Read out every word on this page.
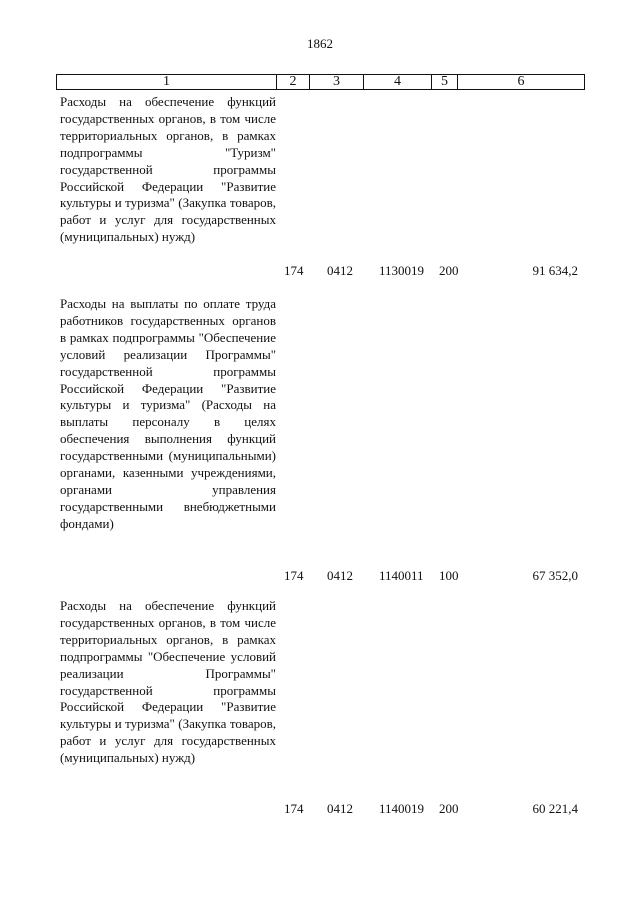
1862
1	2	3	4	5	6
Расходы на обеспечение функций государственных органов, в том числе территориальных органов, в рамках подпрограммы "Туризм" государственной программы Российской Федерации "Развитие культуры и туризма" (Закупка товаров, работ и услуг для государственных (муниципальных) нужд)
174 0412 1130019 200	91 634,2
Расходы на выплаты по оплате труда работников государственных органов в рамках подпрограммы "Обеспечение условий реализации Программы" государственной программы Российской Федерации "Развитие культуры и туризма" (Расходы на выплаты персоналу в целях обеспечения выполнения функций государственными (муниципальными) органами, казенными учреждениями, органами управления государственными внебюджетными фондами)
174 0412 1140011 100	67 352,0
Расходы на обеспечение функций государственных органов, в том числе территориальных органов, в рамках подпрограммы "Обеспечение условий реализации Программы" государственной программы Российской Федерации "Развитие культуры и туризма" (Закупка товаров, работ и услуг для государственных (муниципальных) нужд)
174 0412 1140019 200	60 221,4
